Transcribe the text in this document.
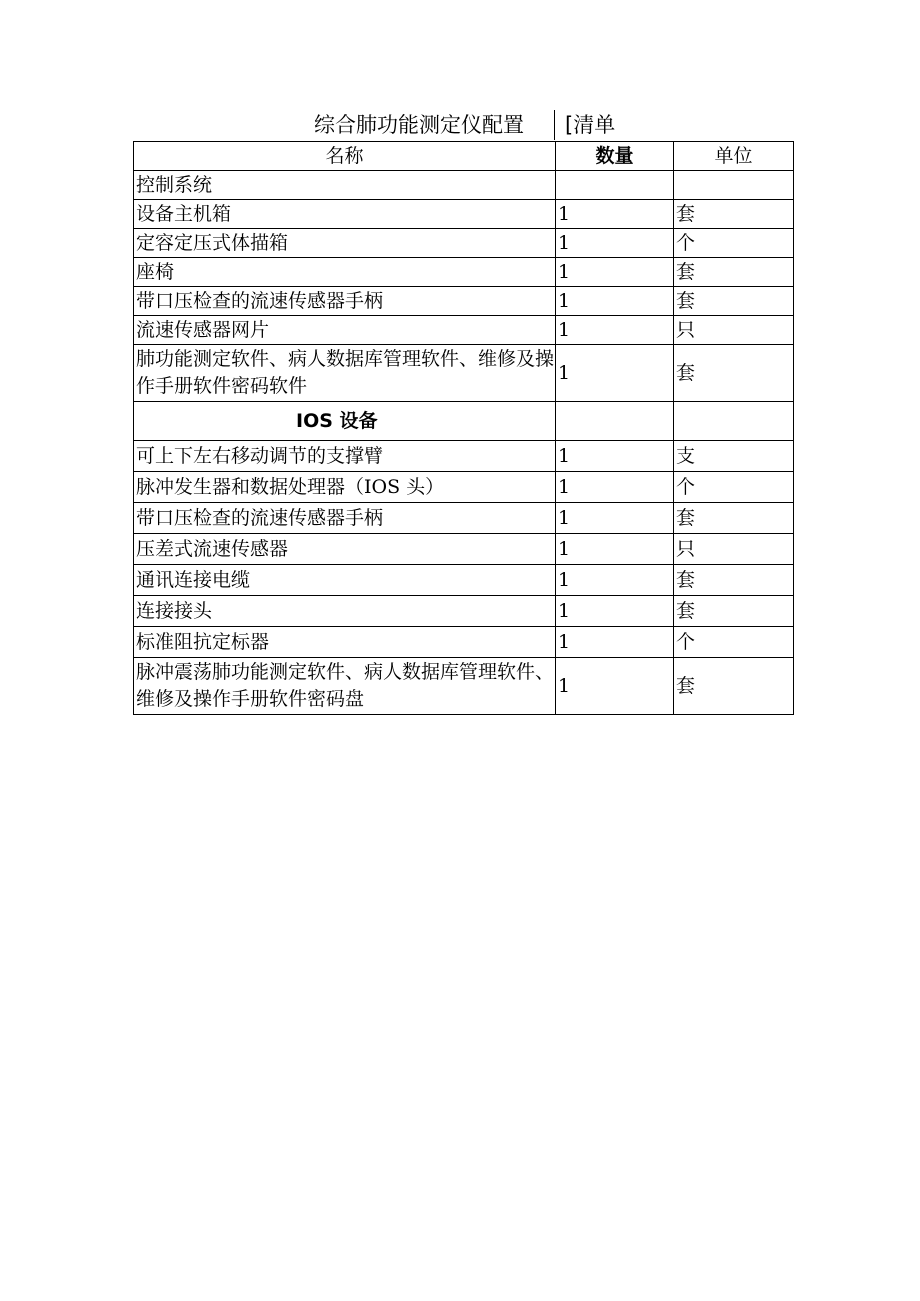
综合肺功能测定仪配置 [清单
名称	数量	单位
控制系统		
设备主机箱	1	套
定容定压式体描箱	1	个
座椅	1	套
带口压检查的流速传感器手柄	1	套
流速传感器网片	1	只
肺功能测定软件、病人数据库管理软件、维修及操作手册软件密码软件	1	套
IOS 设备		
可上下左右移动调节的支撑臂	1	支
脉冲发生器和数据处理器（IOS 头）	1	个
带口压检查的流速传感器手柄	1	套
压差式流速传感器	1	只
通讯连接电缆	1	套
连接接头	1	套
标准阻抗定标器	1	个
脉冲震荡肺功能测定软件、病人数据库管理软件、维修及操作手册软件密码盘	1	套
